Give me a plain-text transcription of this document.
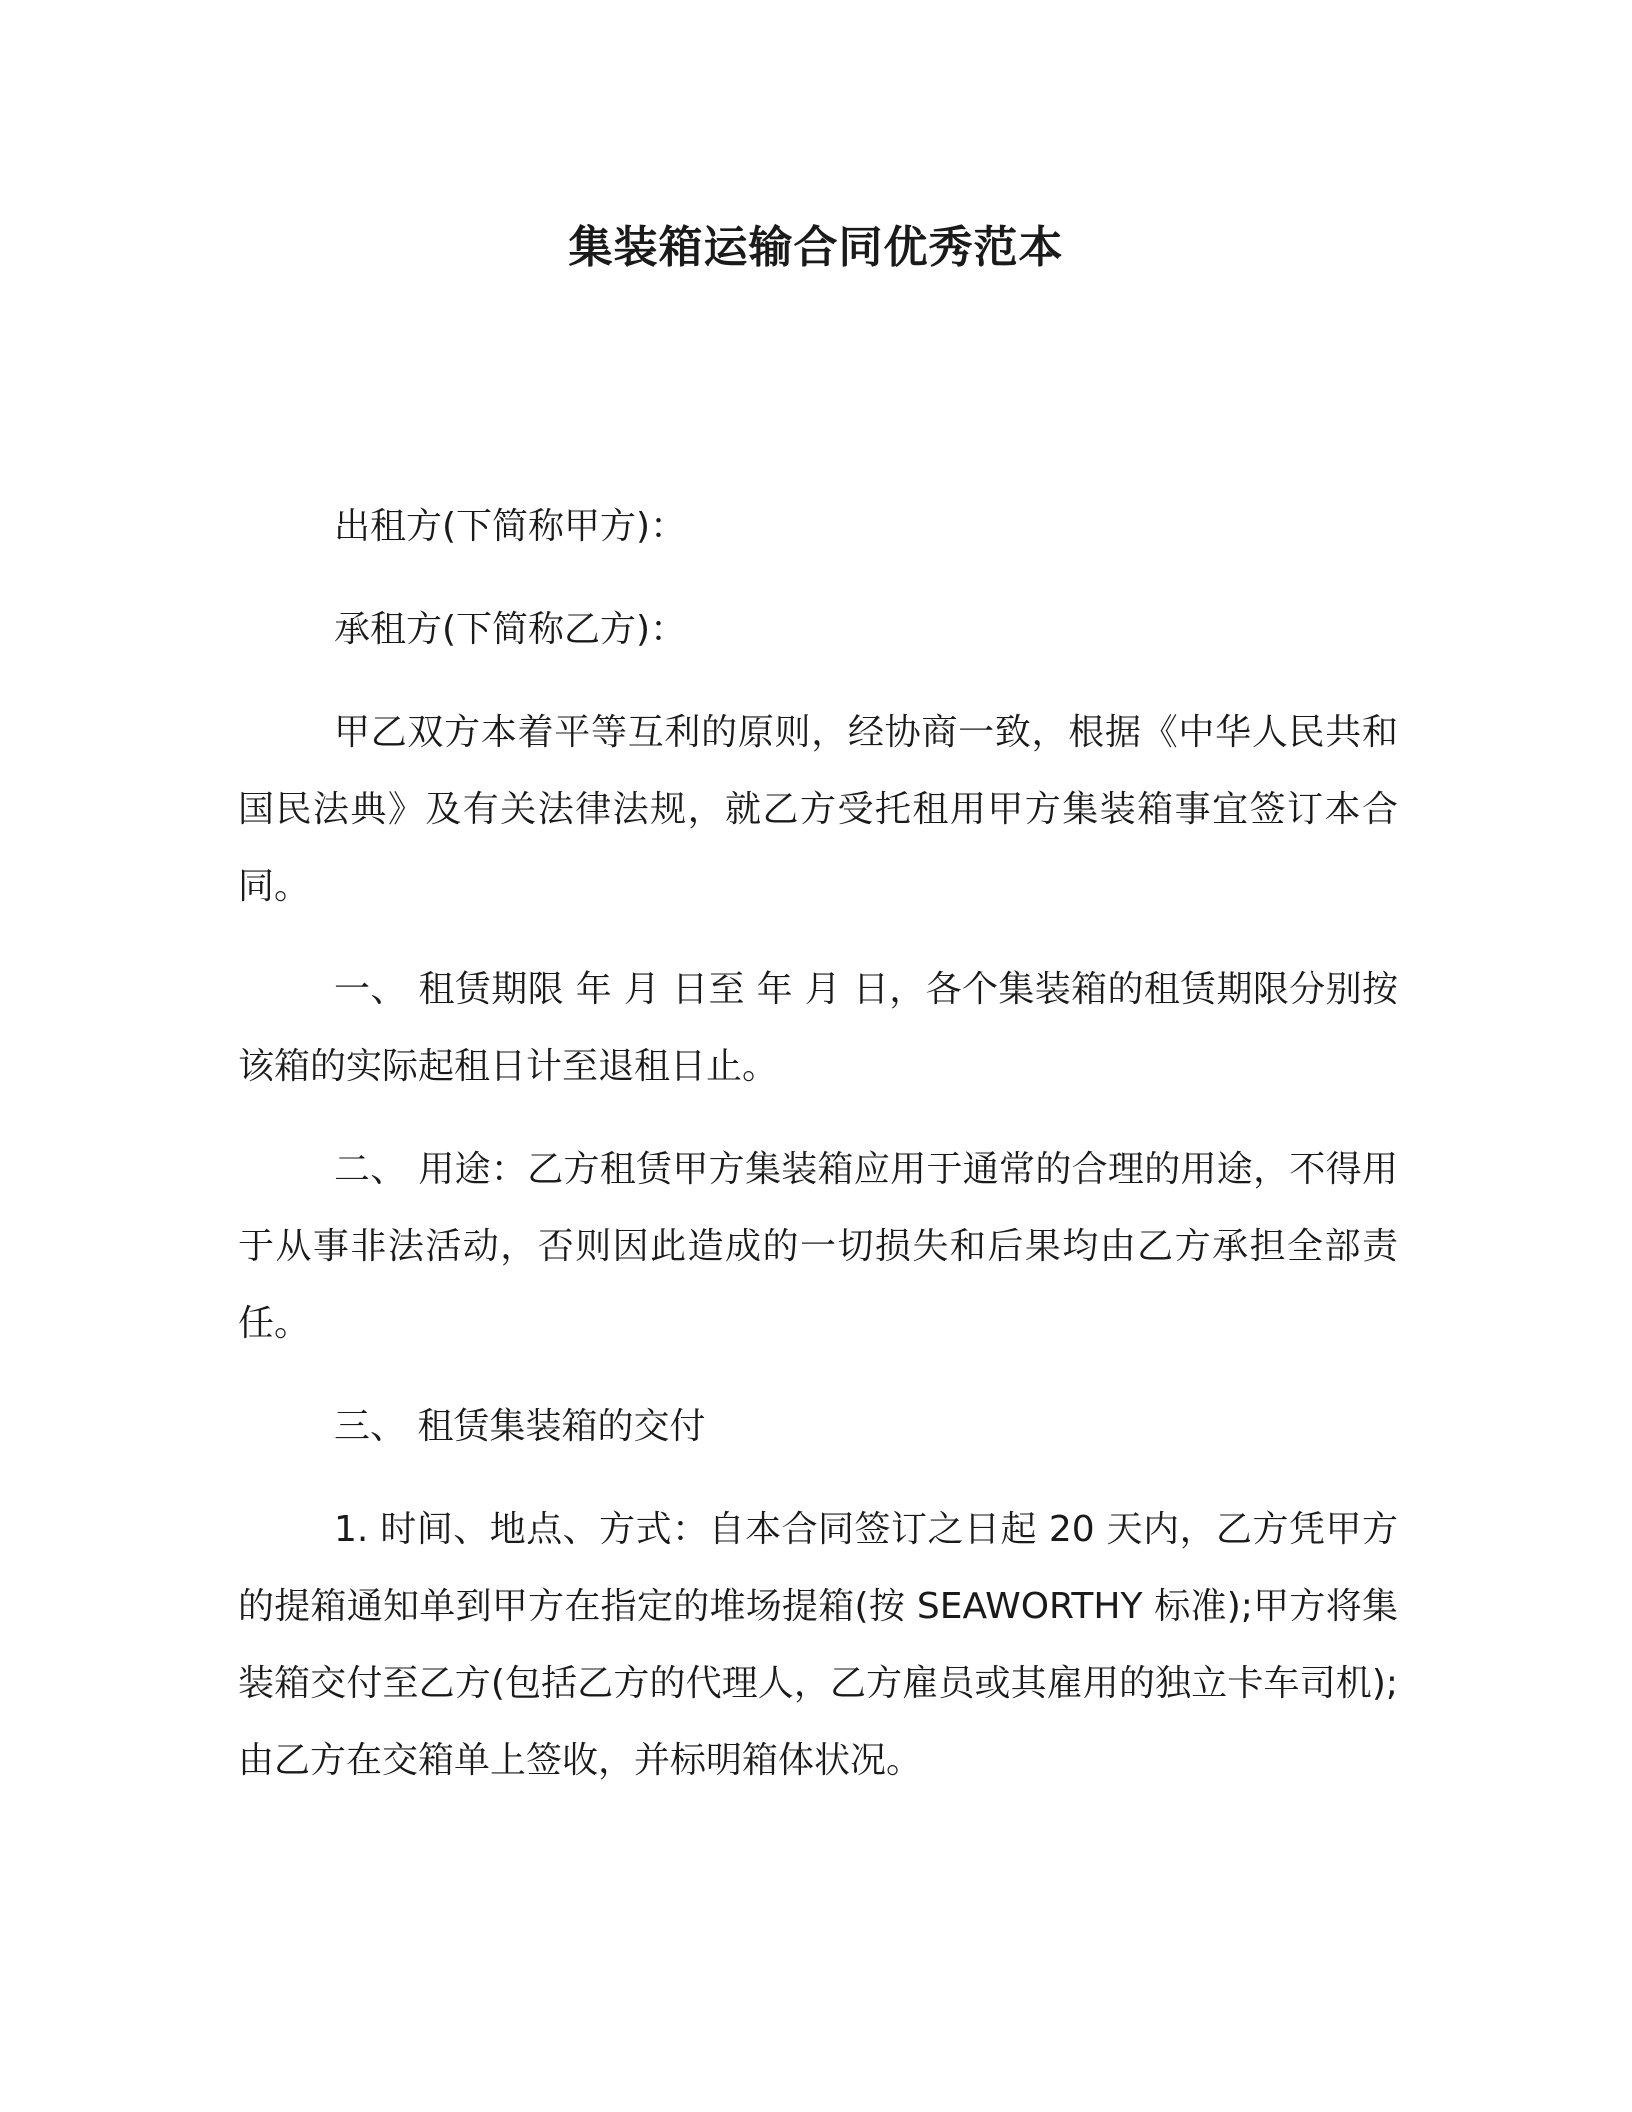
集装箱运输合同优秀范本

出租方(下简称甲方)：

承租方(下简称乙方)：

甲乙双方本着平等互利的原则，经协商一致，根据《中华人民共和国民法典》及有关法律法规，就乙方受托租用甲方集装箱事宜签订本合同。

一、 租赁期限 年 月 日至 年 月 日，各个集装箱的租赁期限分别按该箱的实际起租日计至退租日止。

二、 用途：乙方租赁甲方集装箱应用于通常的合理的用途，不得用于从事非法活动，否则因此造成的一切损失和后果均由乙方承担全部责任。

三、 租赁集装箱的交付

1. 时间、地点、方式：自本合同签订之日起 20 天内，乙方凭甲方的提箱通知单到甲方在指定的堆场提箱(按 SEAWORTHY 标准);甲方将集装箱交付至乙方(包括乙方的代理人，乙方雇员或其雇用的独立卡车司机);由乙方在交箱单上签收，并标明箱体状况。
